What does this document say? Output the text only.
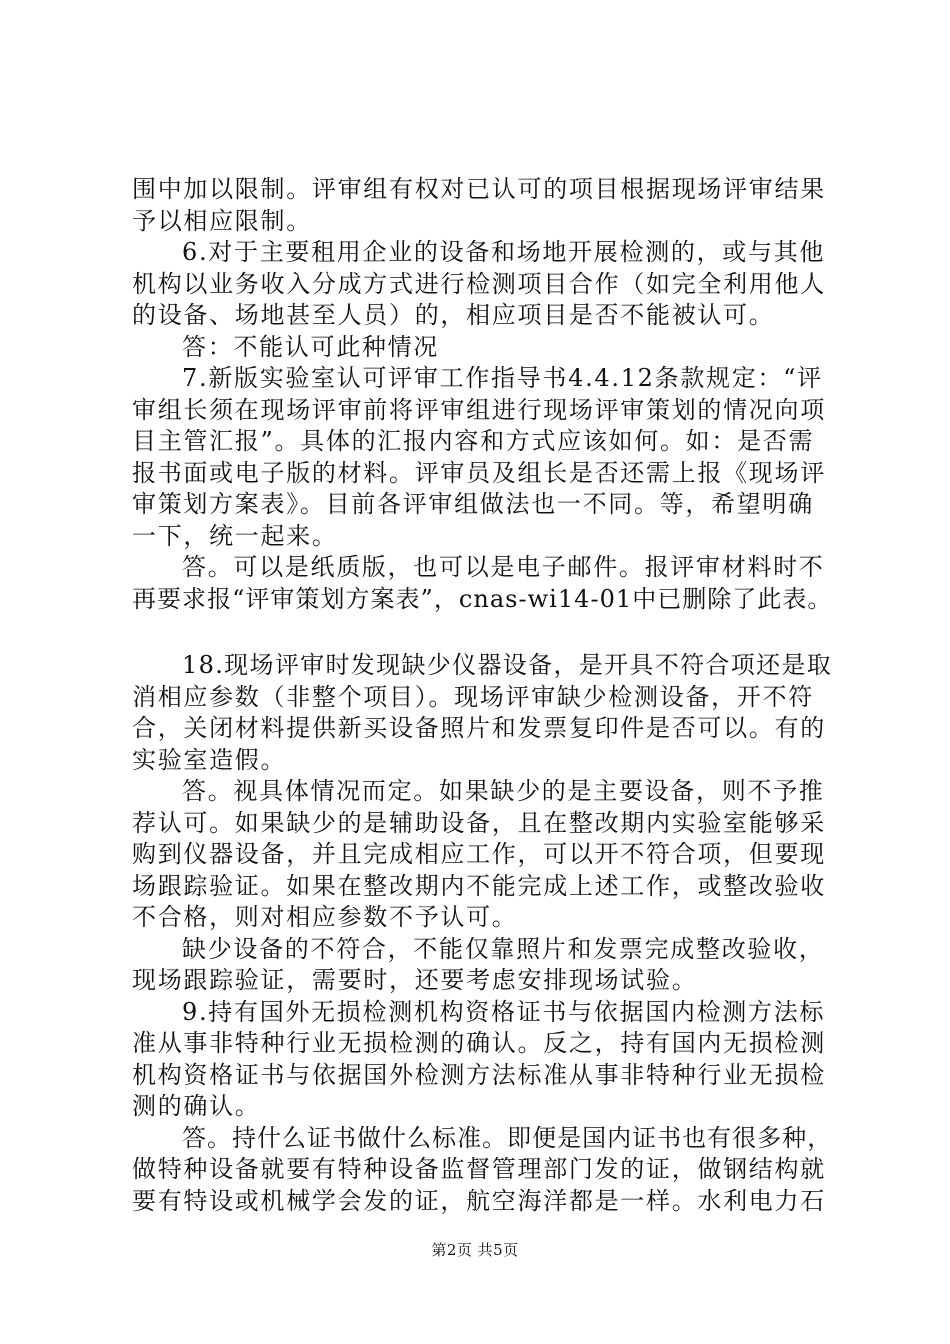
围中加以限制。评审组有权对已认可的项目根据现场评审结果
予以相应限制。

6.对于主要租用企业的设备和场地开展检测的，或与其他
机构以业务收入分成方式进行检测项目合作（如完全利用他人
的设备、场地甚至人员）的，相应项目是否不能被认可。

答：不能认可此种情况

7.新版实验室认可评审工作指导书4.4.12条款规定：“评
审组长须在现场评审前将评审组进行现场评审策划的情况向项
目主管汇报”。具体的汇报内容和方式应该如何。如：是否需
报书面或电子版的材料。评审员及组长是否还需上报《现场评
审策划方案表》。目前各评审组做法也一不同。等，希望明确
一下，统一起来。

答。可以是纸质版，也可以是电子邮件。报评审材料时不
再要求报“评审策划方案表”，cnas-wi14-01中已删除了此表。

18.现场评审时发现缺少仪器设备，是开具不符合项还是取
消相应参数（非整个项目）。现场评审缺少检测设备，开不符
合，关闭材料提供新买设备照片和发票复印件是否可以。有的
实验室造假。

答。视具体情况而定。如果缺少的是主要设备，则不予推
荐认可。如果缺少的是辅助设备，且在整改期内实验室能够采
购到仪器设备，并且完成相应工作，可以开不符合项，但要现
场跟踪验证。如果在整改期内不能完成上述工作，或整改验收
不合格，则对相应参数不予认可。

缺少设备的不符合，不能仅靠照片和发票完成整改验收，
现场跟踪验证，需要时，还要考虑安排现场试验。

9.持有国外无损检测机构资格证书与依据国内检测方法标
准从事非特种行业无损检测的确认。反之，持有国内无损检测
机构资格证书与依据国外检测方法标准从事非特种行业无损检
测的确认。

答。持什么证书做什么标准。即便是国内证书也有很多种，
做特种设备就要有特种设备监督管理部门发的证，做钢结构就
要有特设或机械学会发的证，航空海洋都是一样。水利电力石

第2页 共5页
